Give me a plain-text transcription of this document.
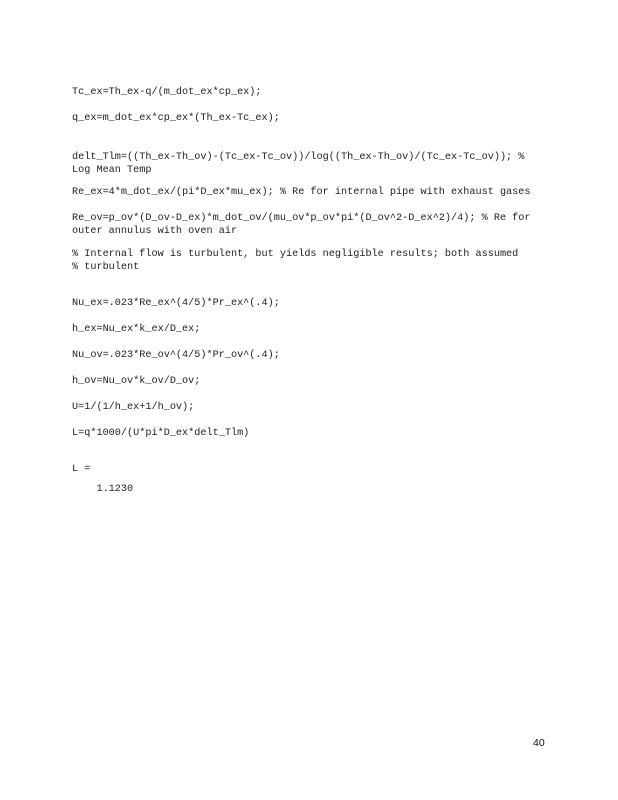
Tc_ex=Th_ex-q/(m_dot_ex*cp_ex);
q_ex=m_dot_ex*cp_ex*(Th_ex-Tc_ex);
delt_Tlm=((Th_ex-Th_ov)-(Tc_ex-Tc_ov))/log((Th_ex-Th_ov)/(Tc_ex-Tc_ov)); %
Log Mean Temp
Re_ex=4*m_dot_ex/(pi*D_ex*mu_ex); % Re for internal pipe with exhaust gases
Re_ov=p_ov*(D_ov-D_ex)*m_dot_ov/(mu_ov*p_ov*pi*(D_ov^2-D_ex^2)/4); % Re for
outer annulus with oven air
% Internal flow is turbulent, but yields negligible results; both assumed
% turbulent
Nu_ex=.023*Re_ex^(4/5)*Pr_ex^(.4);
h_ex=Nu_ex*k_ex/D_ex;
Nu_ov=.023*Re_ov^(4/5)*Pr_ov^(.4);
h_ov=Nu_ov*k_ov/D_ov;
U=1/(1/h_ex+1/h_ov);
L=q*1000/(U*pi*D_ex*delt_Tlm)
L =
1.1230
40
